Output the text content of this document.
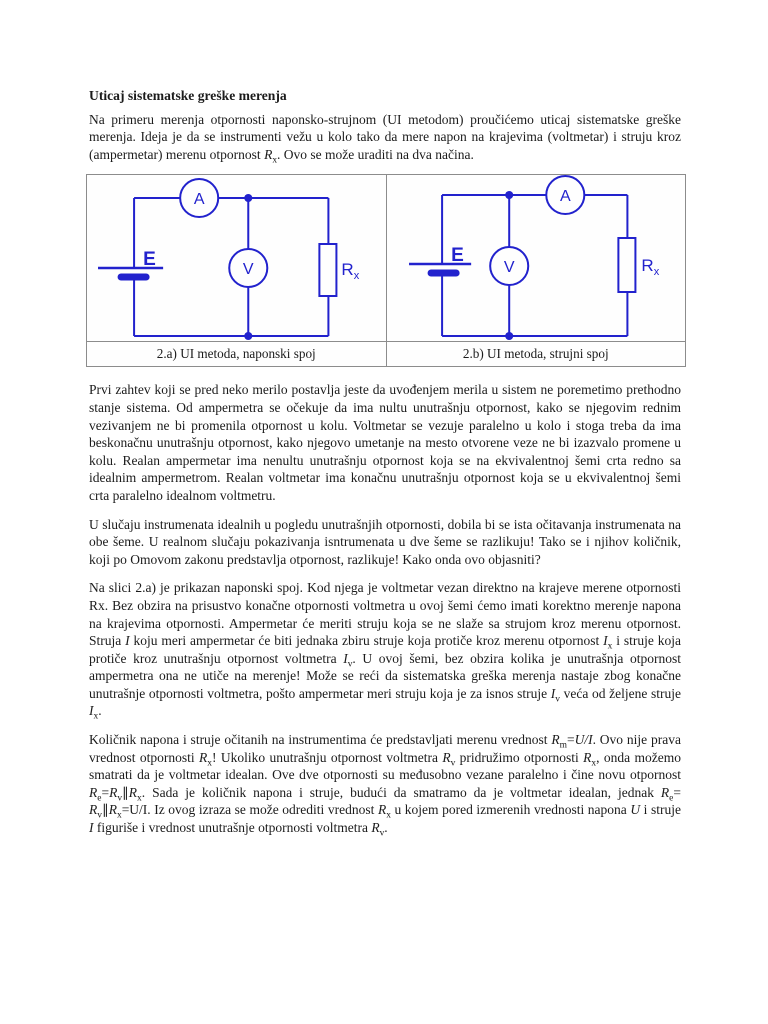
Uticaj sistematske greške merenja

Na primeru merenja otpornosti naponsko-strujnom (UI metodom) proučićemo uticaj sistematske greške merenja. Ideja je da se instrumenti vežu u kolo tako da mere napon na krajevima (voltmetar) i struju kroz (ampermetar) merenu otpornost $R_x$. Ovo se može uraditi na dva načina.

A
V
E	$R_x$
2.a) UI metoda, naponski spoj
A
V
E	$R_x$
2.b) UI metoda, strujni spoj

Prvi zahtev koji se pred neko merilo postavlja jeste da uvođenjem merila u sistem ne poremetimo prethodno stanje sistema. Od ampermetra se očekuje da ima nultu unutrašnju otpornost, kako se njegovim rednim vezivanjem ne bi promenila otpornost u kolu. Voltmetar se vezuje paralelno u kolo i stoga treba da ima beskonačnu unutrašnju otpornost, kako njegovo umetanje na mesto otvorene veze ne bi izazvalo promene u kolu. Realan ampermetar ima nenultu unutrašnju otpornost koja se na ekvivalentnoj šemi crta redno sa idealnim ampermetrom. Realan voltmetar ima konačnu unutrašnju otpornost koja se u ekvivalentnoj šemi crta paralelno idealnom voltmetru.

U slučaju instrumenata idealnih u pogledu unutrašnjih otpornosti, dobila bi se ista očitavanja instrumenata na obe šeme. U realnom slučaju pokazivanja isntrumenata u dve šeme se razlikuju! Tako se i njihov količnik, koji po Omovom zakonu predstavlja otpornost, razlikuje! Kako onda ovo objasniti?

Na slici 2.a) je prikazan naponski spoj. Kod njega je voltmetar vezan direktno na krajeve merene otpornosti Rx. Bez obzira na prisustvo konačne otpornosti voltmetra u ovoj šemi ćemo imati korektno merenje napona na krajevima otpornosti. Ampermetar će meriti struju koja se ne slaže sa strujom kroz merenu otpornost. Struja I koju meri ampermetar će biti jednaka zbiru struje koja protiče kroz merenu otpornost $I_x$ i struje koja protiče kroz unutrašnju otpornost voltmetra $I_v$. U ovoj šemi, bez obzira kolika je unutrašnja otpornost ampermetra ona ne utiče na merenje! Može se reći da sistematska greška merenja nastaje zbog konačne unutrašnje otpornosti voltmetra, pošto ampermetar meri struju koja je za isnos struje $I_v$ veća od željene struje $I_x$.

Količnik napona i struje očitanih na instrumentima će predstavljati merenu vrednost $R_m=U/I$. Ovo nije prava vrednost otpornosti $R_x$! Ukoliko unutrašnju otpornost voltmetra $R_v$ pridružimo otpornosti $R_x$, onda možemo smatrati da je voltmetar idealan. Ove dve otpornosti su međusobno vezane paralelno i čine novu otpornost $R_e=R_v\parallel R_x$. Sada je količnik napona i struje, budući da smatramo da je voltmetar idealan, jednak $R_e=$ $R_v\parallel R_x=U/I$. Iz ovog izraza se može odrediti vrednost $R_x$ u kojem pored izmerenih vrednosti napona U i struje I figuriše i vrednost unutrašnje otpornosti voltmetra $R_v$.
